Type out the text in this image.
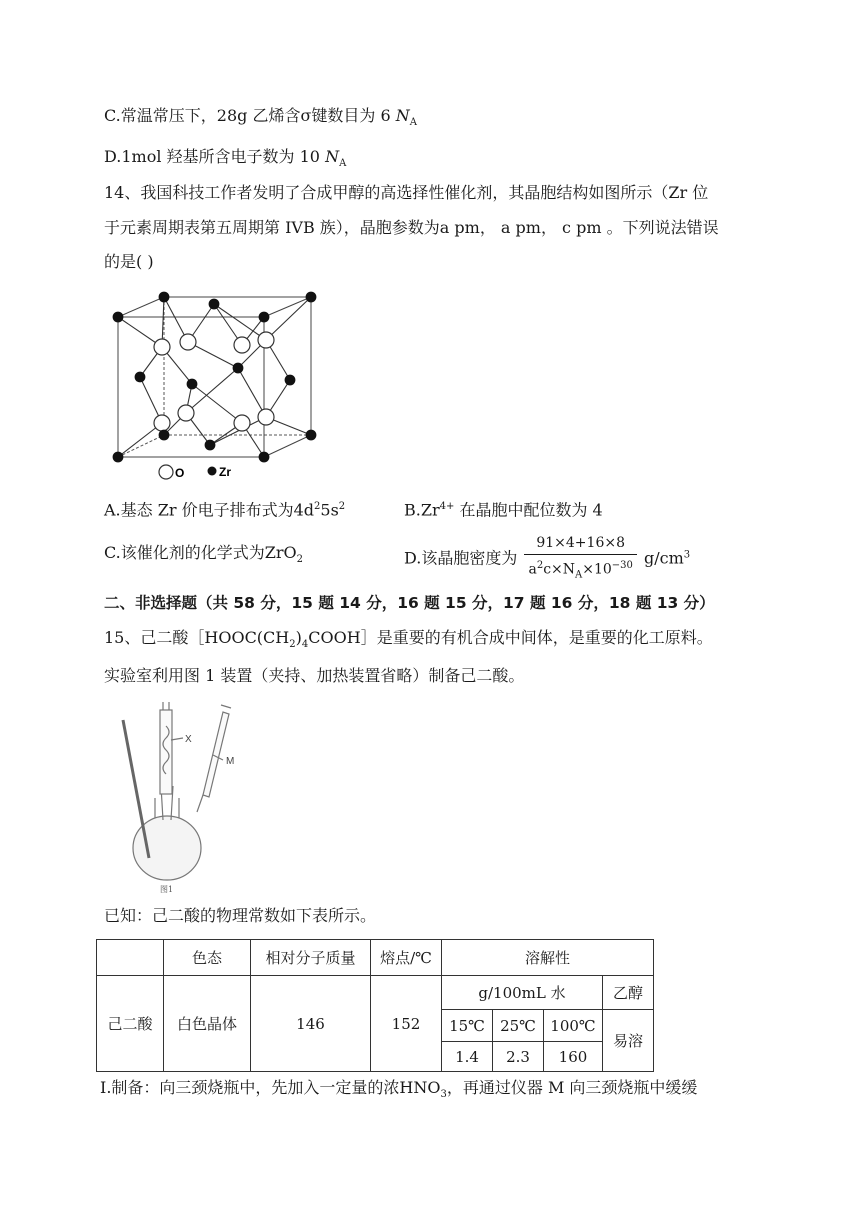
C.常温常压下，28g 乙烯含σ键数目为 6 $N_A$
D.1mol 羟基所含电子数为 10 $N_A$
14、我国科技工作者发明了合成甲醇的高选择性催化剂，其晶胞结构如图所示（Zr 位
于元素周期表第五周期第 IVB 族），晶胞参数为a pm， a pm， c pm 。下列说法错误
的是( )
O	Zr
A.基态 Zr 价电子排布式为$4d^25s^2$	$B.Zr^{4+}$ 在晶胞中配位数为 4
C.该催化剂的化学式为ZrO$_2$	D.该晶胞密度为 $\frac{91\times 4+16\times 8}{a^2c\times N_A\times 10^{-30}} g/cm^3$
二、非选择题（共 58 分，15 题 14 分，16 题 15 分，17 题 16 分，18 题 13 分）
15、己二酸$[HOOC(CH_2)_4COOH]$是重要的有机合成中间体，是重要的化工原料。
实验室利用图 1 装置（夹持、加热装置省略）制备己二酸。
X
M
图1
已知：己二酸的物理常数如下表所示。
	色态	相对分子质量	熔点/℃	溶解性			
己二酸	白色晶体	146	152	g/100mL 水			乙醇
				15℃	25℃	100℃	易溶
				1.4	2.3	160	
Ⅰ.制备：向三颈烧瓶中，先加入一定量的浓$HNO_3$，再通过仪器 M 向三颈烧瓶中缓缓
